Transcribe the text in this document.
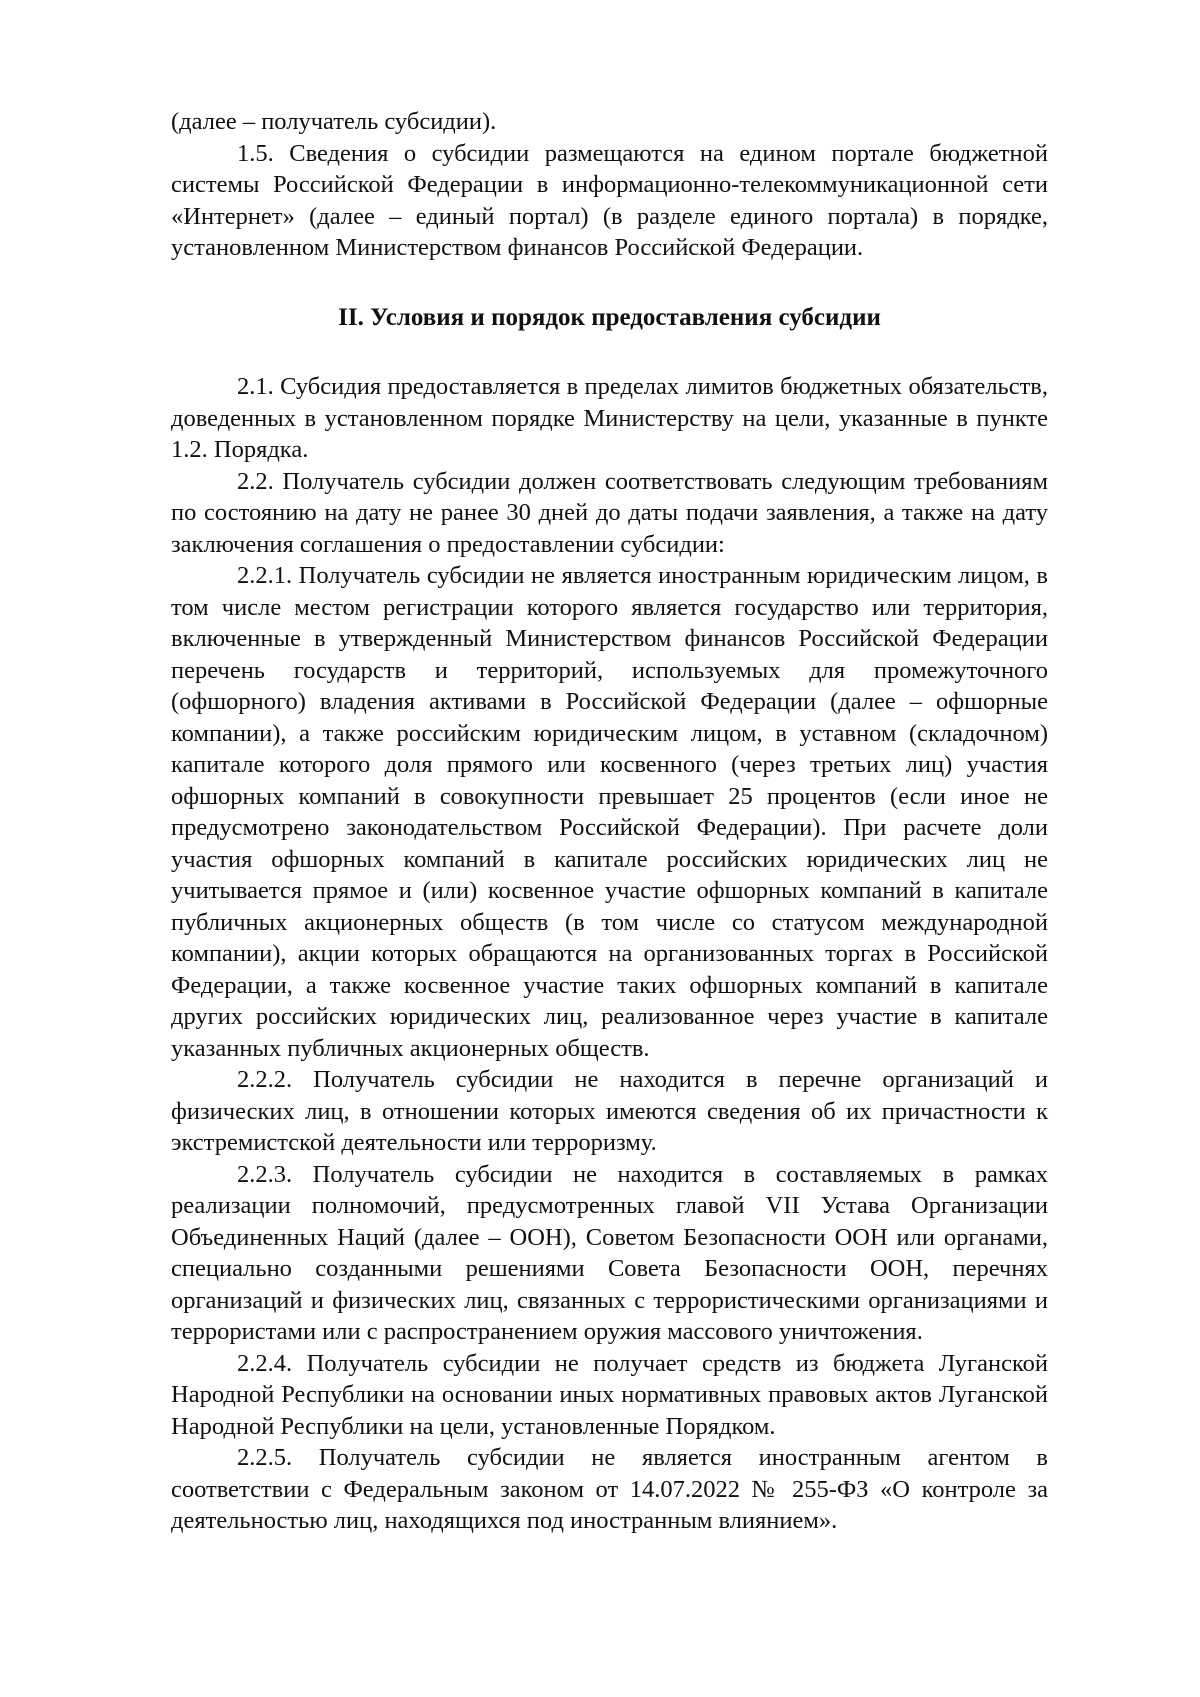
(далее – получатель субсидии).

1.5. Сведения о субсидии размещаются на едином портале бюджетной системы Российской Федерации в информационно-телекоммуникационной сети «Интернет» (далее – единый портал) (в разделе единого портала) в порядке, установленном Министерством финансов Российской Федерации.

II. Условия и порядок предоставления субсидии

2.1. Субсидия предоставляется в пределах лимитов бюджетных обязательств, доведенных в установленном порядке Министерству на цели, указанные в пункте 1.2. Порядка.

2.2. Получатель субсидии должен соответствовать следующим требованиям по состоянию на дату не ранее 30 дней до даты подачи заявления, а также на дату заключения соглашения о предоставлении субсидии:

2.2.1. Получатель субсидии не является иностранным юридическим лицом, в том числе местом регистрации которого является государство или территория, включенные в утвержденный Министерством финансов Российской Федерации перечень государств и территорий, используемых для промежуточного (офшорного) владения активами в Российской Федерации (далее – офшорные компании), а также российским юридическим лицом, в уставном (складочном) капитале которого доля прямого или косвенного (через третьих лиц) участия офшорных компаний в совокупности превышает 25 процентов (если иное не предусмотрено законодательством Российской Федерации). При расчете доли участия офшорных компаний в капитале российских юридических лиц не учитывается прямое и (или) косвенное участие офшорных компаний в капитале публичных акционерных обществ (в том числе со статусом международной компании), акции которых обращаются на организованных торгах в Российской Федерации, а также косвенное участие таких офшорных компаний в капитале других российских юридических лиц, реализованное через участие в капитале указанных публичных акционерных обществ.

2.2.2. Получатель субсидии не находится в перечне организаций и физических лиц, в отношении которых имеются сведения об их причастности к экстремистской деятельности или терроризму.

2.2.3. Получатель субсидии не находится в составляемых в рамках реализации полномочий, предусмотренных главой VII Устава Организации Объединенных Наций (далее – ООН), Советом Безопасности ООН или органами, специально созданными решениями Совета Безопасности ООН, перечнях организаций и физических лиц, связанных с террористическими организациями и террористами или с распространением оружия массового уничтожения.

2.2.4. Получатель субсидии не получает средств из бюджета Луганской Народной Республики на основании иных нормативных правовых актов Луганской Народной Республики на цели, установленные Порядком.

2.2.5. Получатель субсидии не является иностранным агентом в соответствии с Федеральным законом от 14.07.2022 № 255-ФЗ «О контроле за деятельностью лиц, находящихся под иностранным влиянием».
